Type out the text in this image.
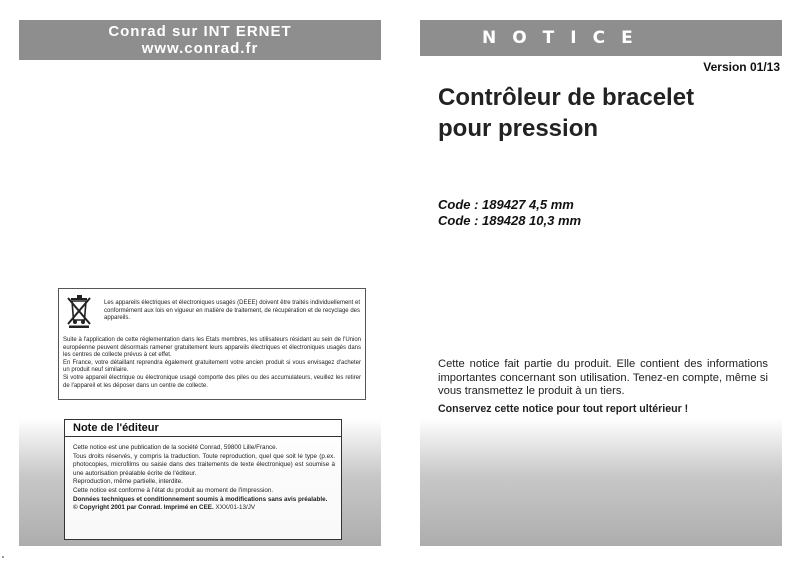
Conrad sur INT ERNET
www.conrad.fr
Les appareils électriques et électroniques usagés (DEEE) doivent être traités individuellement et conformément aux lois en vigueur en matière de traitement, de récupération et de recyclage des appareils.
Suite à l'application de cette réglementation dans les Etats membres, les utilisateurs résidant au sein de l'Union européenne peuvent désormais ramener gratuitement leurs appareils électriques et électroniques usagés dans les centres de collecte prévus à cet effet.
En France, votre détaillant reprendra également gratuitement votre ancien produit si vous envisagez d'acheter un produit neuf similaire.
Si votre appareil électrique ou électronique usagé comporte des piles ou des accumulateurs, veuillez les retirer de l'appareil et les déposer dans un centre de collecte.
Note de l'éditeur
Cette notice est une publication de la société Conrad, 59800 Lille/France.
Tous droits réservés, y compris la traduction. Toute reproduction, quel que soit le type (p.ex. photocopies, microfilms ou saisie dans des traitements de texte électronique) est soumise à une autorisation préalable écrite de l'éditeur.
Reproduction, même partielle, interdite.
Cette notice est conforme à l'état du produit au moment de l'impression.
Données techniques et conditionnement soumis à modifications sans avis préalable.
© Copyright 2001 par Conrad. Imprimé en CEE. XXX/01-13/JV
NOTICE
Version 01/13
Contrôleur de bracelet
pour pression
Code : 189427 4,5 mm
Code : 189428 10,3 mm
Cette notice fait partie du produit. Elle contient des informations importantes concernant son utilisation. Tenez-en compte, même si vous transmettez le produit à un tiers.
Conservez cette notice pour tout report ultérieur !
